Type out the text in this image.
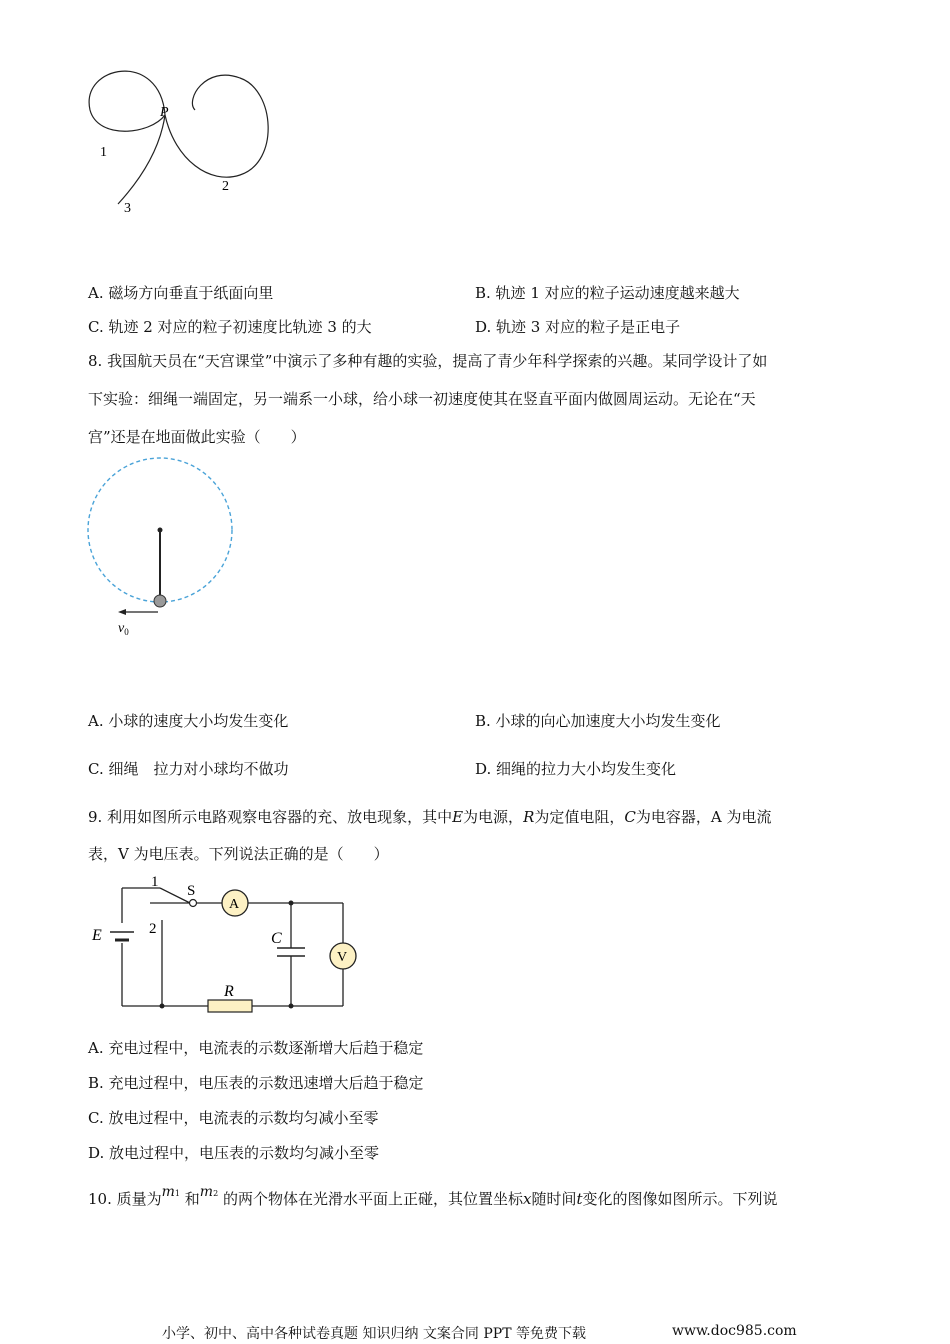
P
1
2
3
A. 磁场方向垂直于纸面向里	B. 轨迹 1 对应的粒子运动速度越来越大
C. 轨迹 2 对应的粒子初速度比轨迹 3 的大	D. 轨迹 3 对应的粒子是正电子
8. 我国航天员在“天宫课堂”中演示了多种有趣的实验，提高了青少年科学探索的兴趣。某同学设计了如
下实验：细绳一端固定，另一端系一小球，给小球一初速度使其在竖直平面内做圆周运动。无论在“天
宫”还是在地面做此实验（　　）
$v_0$
A. 小球的速度大小均发生变化	B. 小球的向心加速度大小均发生变化
C. 细绳　拉力对小球均不做功	D. 细绳的拉力大小均发生变化
9. 利用如图所示电路观察电容器的充、放电现象，其中E为电源，R为定值电阻，C为电容器，A 为电流
表，V 为电压表。下列说法正确的是（　　）
1
2
S
A
V
E	C
R
A. 充电过程中，电流表的示数逐渐增大后趋于稳定
B. 充电过程中，电压表的示数迅速增大后趋于稳定
C. 放电过程中，电流表的示数均匀减小至零
D. 放电过程中，电压表的示数均匀减小至零
10. 质量为m1 和m2 的两个物体在光滑水平面上正碰，其位置坐标x随时间t变化的图像如图所示。下列说
小学、初中、高中各种试卷真题 知识归纳 文案合同 PPT 等免费下载	www.doc985.com
